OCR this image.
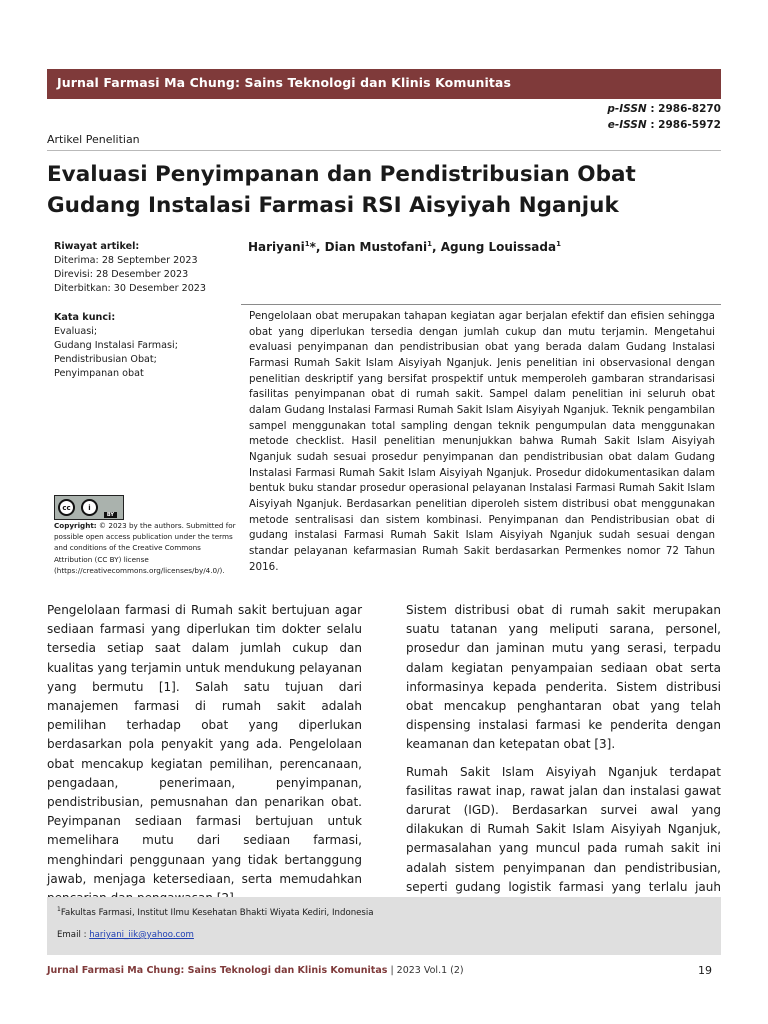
Jurnal Farmasi Ma Chung: Sains Teknologi dan Klinis Komunitas
p-ISSN : 2986-8270
e-ISSN : 2986-5972
Artikel Penelitian
Evaluasi Penyimpanan dan Pendistribusian Obat Gudang Instalasi Farmasi RSI Aisyiyah Nganjuk
Riwayat artikel:
Diterima: 28 September 2023
Direvisi: 28 Desember 2023
Diterbitkan: 30 Desember 2023
Kata kunci:
Evaluasi;
Gudang Instalasi Farmasi;
Pendistribusian Obat;
Penyimpanan obat
cc	i
BY
Copyright: © 2023 by the authors. Submitted for possible open access publication under the terms and conditions of the Creative Commons Attribution (CC BY) license (https://creativecommons.org/licenses/by/4.0/).
Hariyani$^1$*, Dian Mustofani$^1$, Agung Louissada$^1$

Pengelolaan obat merupakan tahapan kegiatan agar berjalan efektif dan efisien sehingga obat yang diperlukan tersedia dengan jumlah cukup dan mutu terjamin. Mengetahui evaluasi penyimpanan dan pendistribusian obat yang berada dalam Gudang Instalasi Farmasi Rumah Sakit Islam Aisyiyah Nganjuk. Jenis penelitian ini observasional dengan penelitian deskriptif yang bersifat prospektif untuk memperoleh gambaran strandarisasi fasilitas penyimpanan obat di rumah sakit. Sampel dalam penelitian ini seluruh obat dalam Gudang Instalasi Farmasi Rumah Sakit Islam Aisyiyah Nganjuk. Teknik pengambilan sampel menggunakan total sampling dengan teknik pengumpulan data menggunakan metode checklist. Hasil penelitian menunjukkan bahwa Rumah Sakit Islam Aisyiyah Nganjuk sudah sesuai prosedur penyimpanan dan pendistribusian obat dalam Gudang Instalasi Farmasi Rumah Sakit Islam Aisyiyah Nganjuk. Prosedur didokumentasikan dalam bentuk buku standar prosedur operasional pelayanan Instalasi Farmasi Rumah Sakit Islam Aisyiyah Nganjuk. Berdasarkan penelitian diperoleh sistem distribusi obat menggunakan metode sentralisasi dan sistem kombinasi. Penyimpanan dan Pendistribusian obat di gudang instalasi Farmasi Rumah Sakit Islam Aisyiyah Nganjuk sudah sesuai dengan standar pelayanan kefarmasian Rumah Sakit berdasarkan Permenkes nomor 72 Tahun 2016.

Pengelolaan farmasi di Rumah sakit bertujuan agar sediaan farmasi yang diperlukan tim dokter selalu tersedia setiap saat dalam jumlah cukup dan kualitas yang terjamin untuk mendukung pelayanan yang bermutu [1]. Salah satu tujuan dari manajemen farmasi di rumah sakit adalah pemilihan terhadap obat yang diperlukan berdasarkan pola penyakit yang ada. Pengelolaan obat mencakup kegiatan pemilihan, perencanaan, pengadaan, penerimaan, penyimpanan, pendistribusian, pemusnahan dan penarikan obat. Peyimpanan sediaan farmasi bertujuan untuk memelihara mutu dari sediaan farmasi, menghindari penggunaan yang tidak bertanggung jawab, menjaga ketersediaan, serta memudahkan

Sistem distribusi obat di rumah sakit merupakan suatu tatanan yang meliputi sarana, personel, prosedur dan jaminan mutu yang serasi, terpadu dalam kegiatan penyampaian sediaan obat serta informasinya kepada penderita. Sistem distribusi obat mencakup penghantaran obat yang telah dispensing instalasi farmasi ke penderita dengan keamanan dan ketepatan obat [3].

Rumah Sakit Islam Aisyiyah Nganjuk terdapat fasilitas rawat inap, rawat jalan dan instalasi gawat darurat (IGD). Berdasarkan survei awal yang dilakukan di Rumah Sakit Islam Aisyiyah Nganjuk, permasalahan yang muncul pada rumah sakit ini adalah sistem penyimpanan dan pendistribusian, seperti gudang logistik farmasi yang terlalu jauh

$^1$Fakultas Farmasi, Institut Ilmu Kesehatan Bhakti Wiyata Kediri, Indonesia
Email : hariyani_iik@yahoo.com
Jurnal Farmasi Ma Chung: Sains Teknologi dan Klinis Komunitas | 2023 Vol.1 (2)	19
